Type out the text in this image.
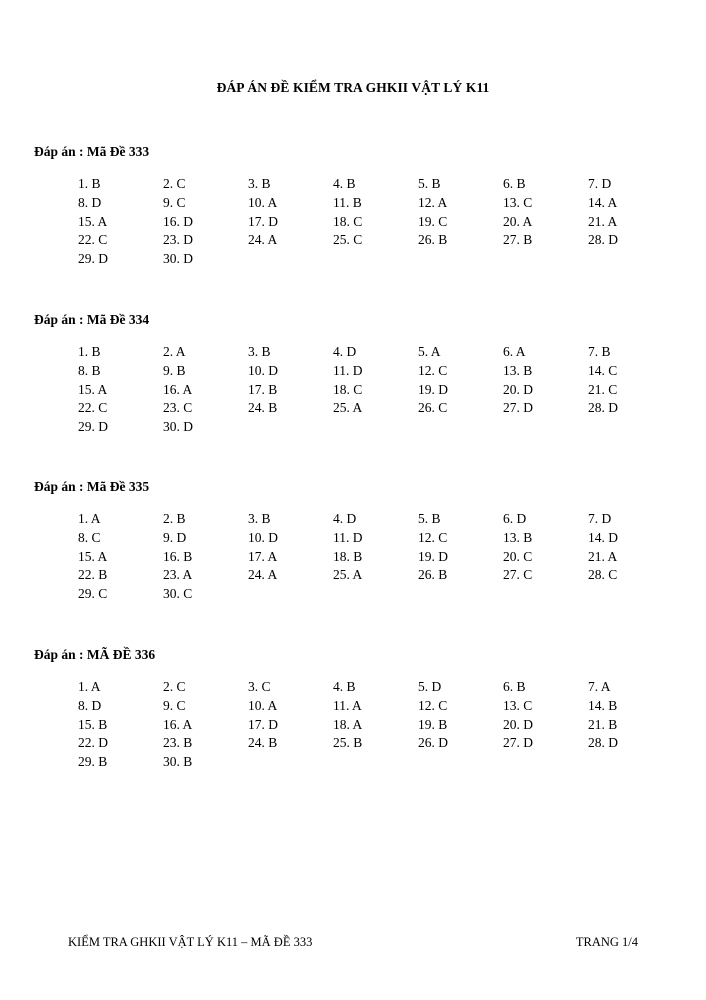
ĐÁP ÁN ĐỀ KIỂM TRA GHKII VẬT LÝ K11
Đáp án : Mã Đề 333
1. B	2. C	3. B	4. B	5. B	6. B	7. D
8. D	9. C	10. A	11. B	12. A	13. C	14. A
15. A	16. D	17. D	18. C	19. C	20. A	21. A
22. C	23. D	24. A	25. C	26. B	27. B	28. D
29. D	30. D
Đáp án : Mã Đề 334
1. B	2. A	3. B	4. D	5. A	6. A	7. B
8. B	9. B	10. D	11. D	12. C	13. B	14. C
15. A	16. A	17. B	18. C	19. D	20. D	21. C
22. C	23. C	24. B	25. A	26. C	27. D	28. D
29. D	30. D
Đáp án : Mã Đề 335
1. A	2. B	3. B	4. D	5. B	6. D	7. D
8. C	9. D	10. D	11. D	12. C	13. B	14. D
15. A	16. B	17. A	18. B	19. D	20. C	21. A
22. B	23. A	24. A	25. A	26. B	27. C	28. C
29. C	30. C
Đáp án : MÃ ĐỀ 336
1. A	2. C	3. C	4. B	5. D	6. B	7. A
8. D	9. C	10. A	11. A	12. C	13. C	14. B
15. B	16. A	17. D	18. A	19. B	20. D	21. B
22. D	23. B	24. B	25. B	26. D	27. D	28. D
29. B	30. B
KIỂM TRA GHKII VẬT LÝ K11 – MÃ ĐỀ 333	TRANG 1/4
